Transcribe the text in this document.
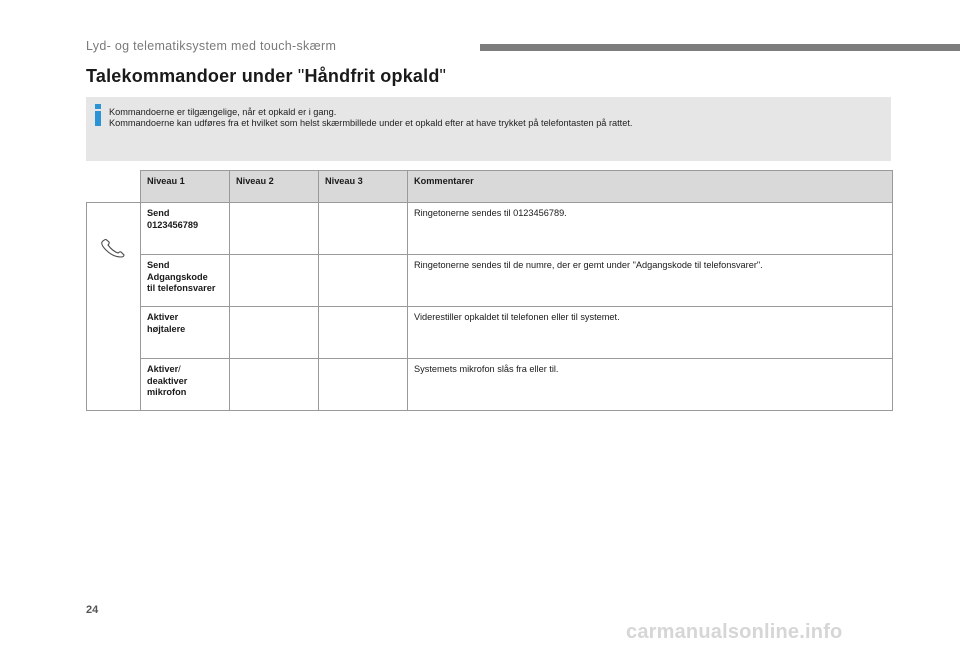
Lyd- og telematiksystem med touch-skærm
Talekommandoer under "Håndfrit opkald"
Kommandoerne er tilgængelige, når et opkald er i gang.
Kommandoerne kan udføres fra et hvilket som helst skærmbillede under et opkald efter at have trykket på telefontasten på rattet.
	Niveau 1	Niveau 2	Niveau 3	Kommentarer

Send
0123456789			Ringetonerne sendes til 0123456789.

	Send
Adgangskode
til telefonsvarer			Ringetonerne sendes til de numre, der er gemt under "Adgangskode til telefonsvarer".

	Aktiver
højtalere			Viderestiller opkaldet til telefonen eller til systemet.

	Aktiver/
deaktiver
mikrofon			Systemets mikrofon slås fra eller til.
24
carmanualsonline.info
